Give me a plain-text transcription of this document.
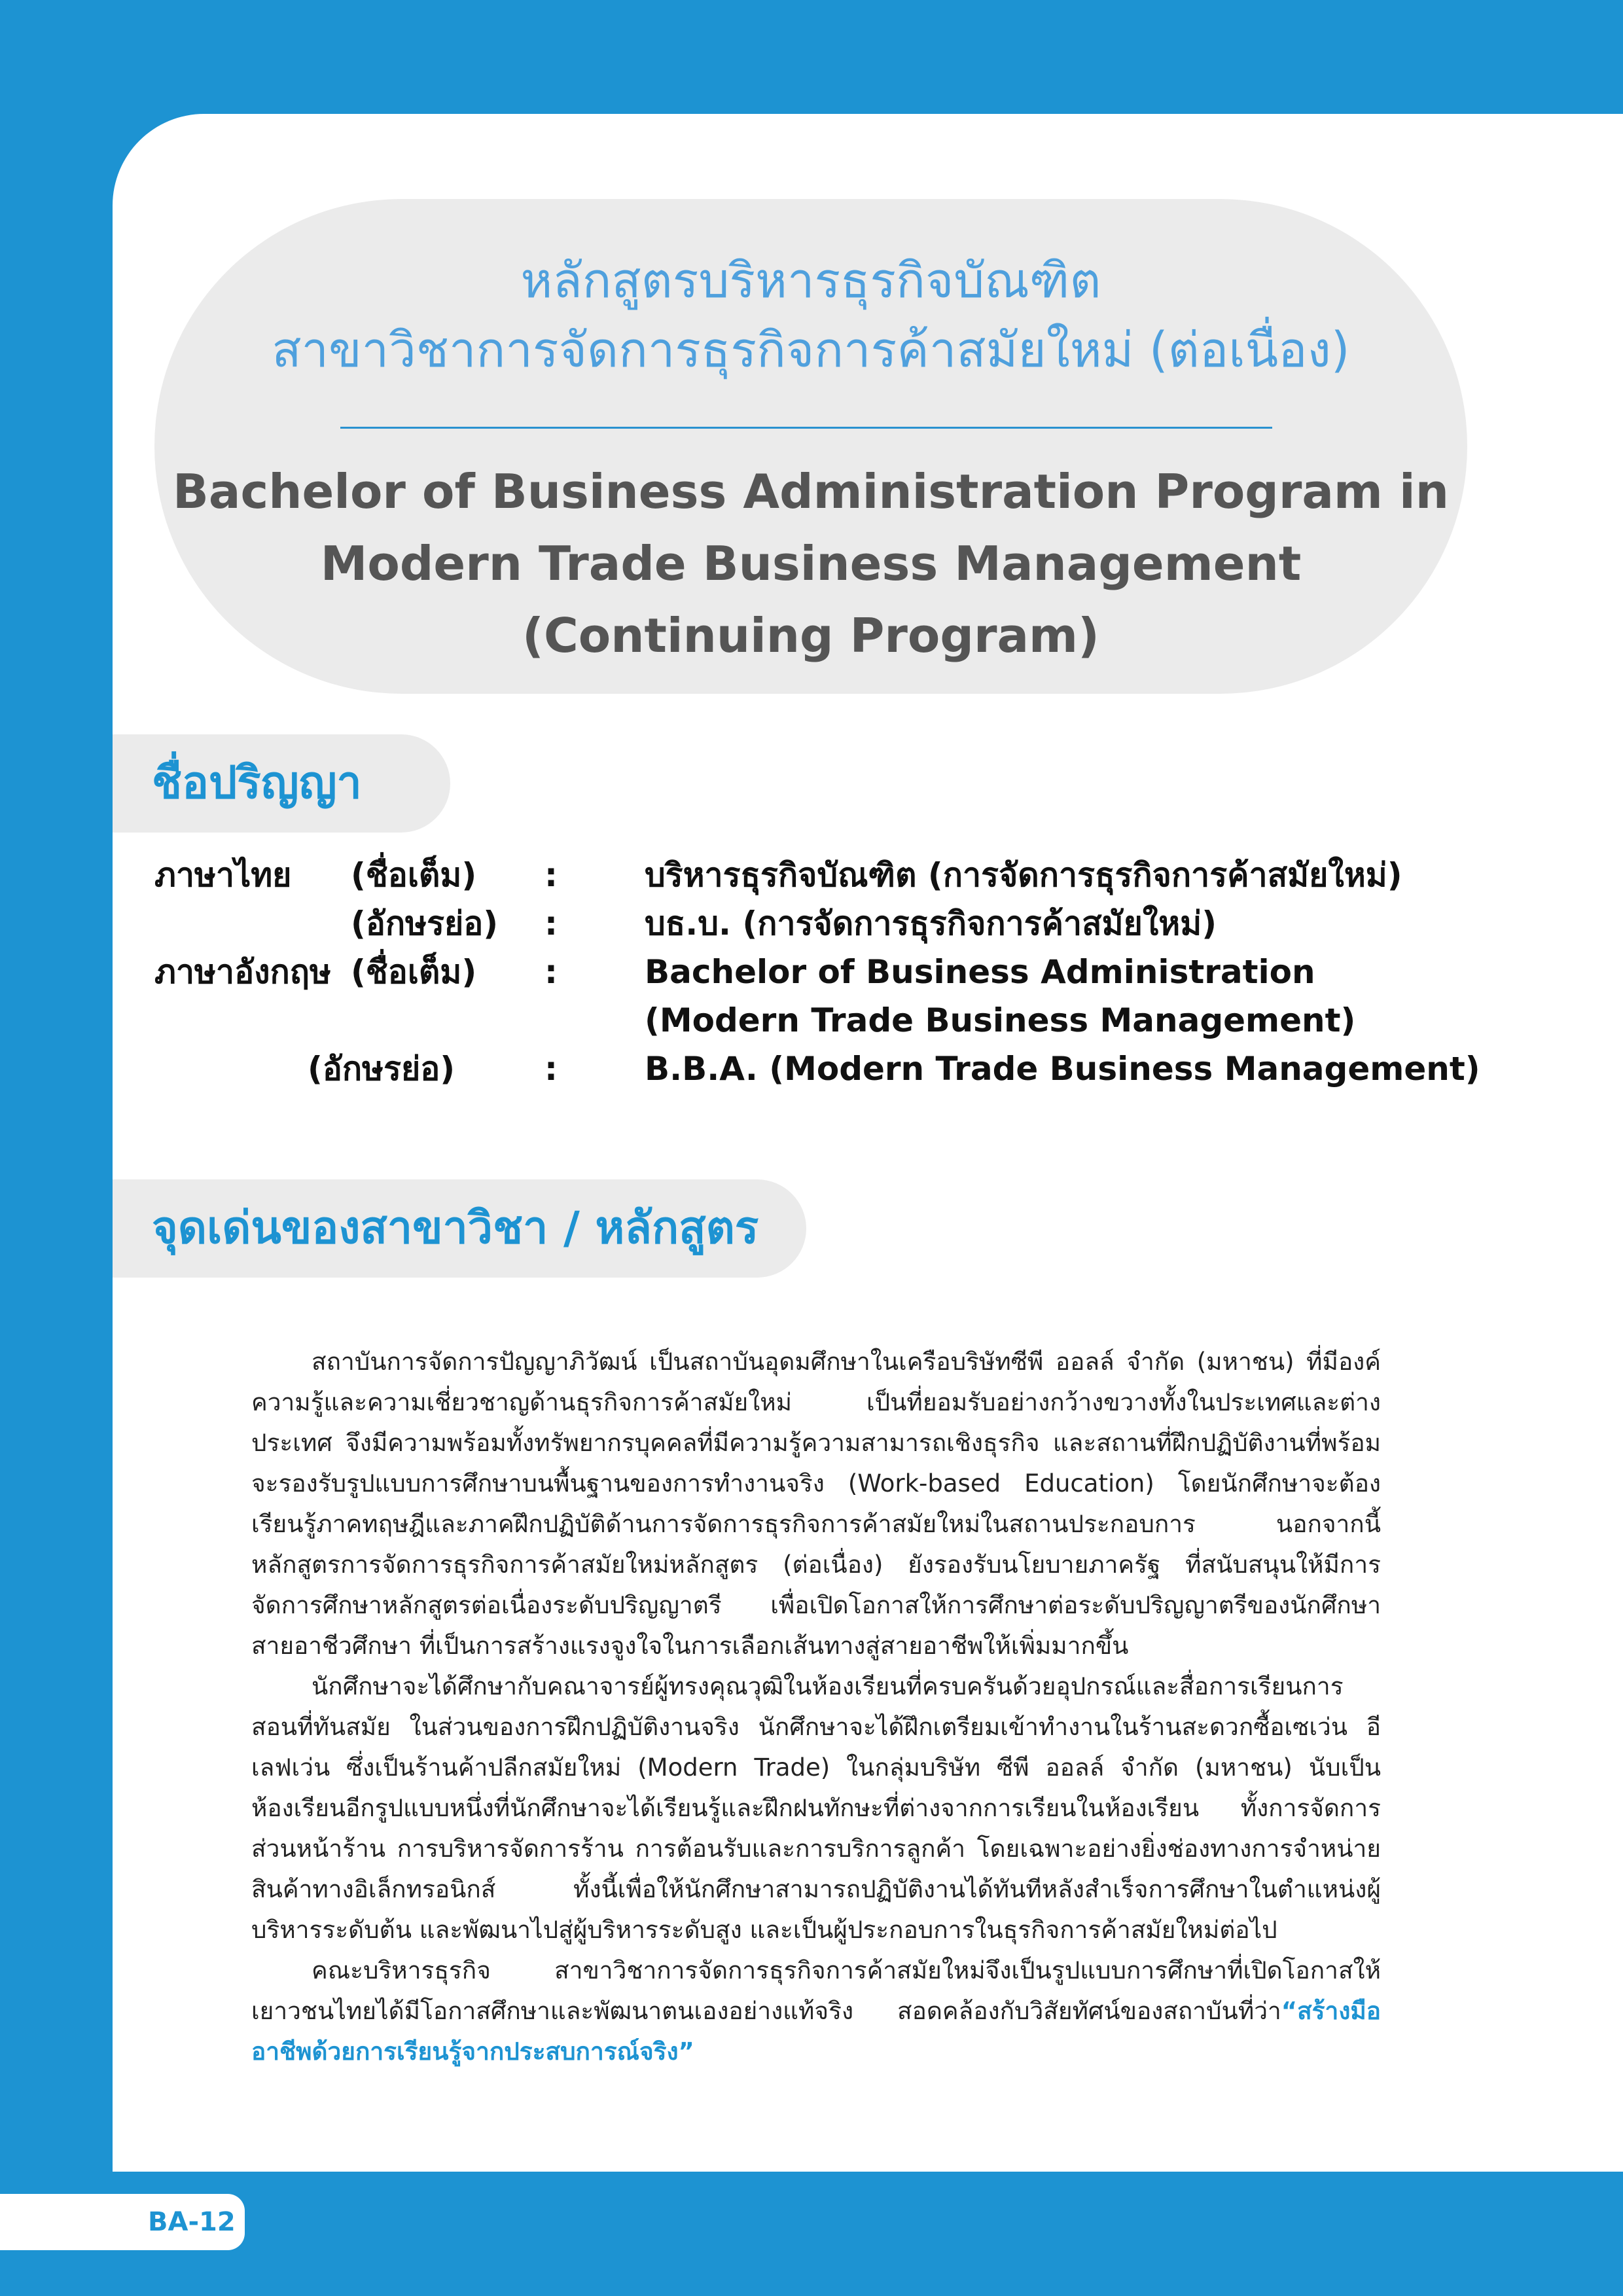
หลักสูตรบริหารธุรกิจบัณฑิต
สาขาวิชาการจัดการธุรกิจการค้าสมัยใหม่ (ต่อเนื่อง)
Bachelor of Business Administration Program in
Modern Trade Business Management
(Continuing Program)
ชื่อปริญญา
ภาษาไทย (ชื่อเต็ม) :	บริหารธุรกิจบัณฑิต (การจัดการธุรกิจการค้าสมัยใหม่)
(อักษรย่อ) :	บธ.บ. (การจัดการธุรกิจการค้าสมัยใหม่)
ภาษาอังกฤษ (ชื่อเต็ม) :	Bachelor of Business Administration
(Modern Trade Business Management)
(อักษรย่อ)	:	B.B.A. (Modern Trade Business Management)
จุดเด่นของสาขาวิชา / หลักสูตร

สถาบันการจัดการปัญญาภิวัฒน์ เป็นสถาบันอุดมศึกษาในเครือบริษัทซีพี ออลล์ จำกัด (มหาชน) ที่มีองค์ความรู้และความเชี่ยวชาญด้านธุรกิจการค้าสมัยใหม่ เป็นที่ยอมรับอย่างกว้างขวางทั้งในประเทศและต่างประเทศ จึงมีความพร้อมทั้งทรัพยากรบุคคลที่มีความรู้ความสามารถเชิงธุรกิจ และสถานที่ฝึกปฏิบัติงานที่พร้อมจะรองรับรูปแบบการศึกษาบนพื้นฐานของการทำงานจริง (Work-based Education) โดยนักศึกษาจะต้องเรียนรู้ภาคทฤษฎีและภาคฝึกปฏิบัติด้านการจัดการธุรกิจการค้าสมัยใหม่ในสถานประกอบการ นอกจากนี้หลักสูตรการจัดการธุรกิจการค้าสมัยใหม่หลักสูตร (ต่อเนื่อง) ยังรองรับนโยบายภาครัฐ ที่สนับสนุนให้มีการจัดการศึกษาหลักสูตรต่อเนื่องระดับปริญญาตรี เพื่อเปิดโอกาสให้การศึกษาต่อระดับปริญญาตรีของนักศึกษาสายอาชีวศึกษา ที่เป็นการสร้างแรงจูงใจในการเลือกเส้นทางสู่สายอาชีพให้เพิ่มมากขึ้น

นักศึกษาจะได้ศึกษากับคณาจารย์ผู้ทรงคุณวุฒิในห้องเรียนที่ครบครันด้วยอุปกรณ์และสื่อการเรียนการสอนที่ทันสมัย ในส่วนของการฝึกปฏิบัติงานจริง นักศึกษาจะได้ฝึกเตรียมเข้าทำงานในร้านสะดวกซื้อเซเว่น อีเลฟเว่น ซึ่งเป็นร้านค้าปลีกสมัยใหม่ (Modern Trade) ในกลุ่มบริษัท ซีพี ออลล์ จำกัด (มหาชน) นับเป็นห้องเรียนอีกรูปแบบหนึ่งที่นักศึกษาจะได้เรียนรู้และฝึกฝนทักษะที่ต่างจากการเรียนในห้องเรียน ทั้งการจัดการส่วนหน้าร้าน การบริหารจัดการร้าน การต้อนรับและการบริการลูกค้า โดยเฉพาะอย่างยิ่งช่องทางการจำหน่ายสินค้าทางอิเล็กทรอนิกส์ ทั้งนี้เพื่อให้นักศึกษาสามารถปฏิบัติงานได้ทันทีหลังสำเร็จการศึกษาในตำแหน่งผู้บริหารระดับต้น และพัฒนาไปสู่ผู้บริหารระดับสูง และเป็นผู้ประกอบการในธุรกิจการค้าสมัยใหม่ต่อไป

คณะบริหารธุรกิจ สาขาวิชาการจัดการธุรกิจการค้าสมัยใหม่จึงเป็นรูปแบบการศึกษาที่เปิดโอกาสให้เยาวชนไทยได้มีโอกาสศึกษาและพัฒนาตนเองอย่างแท้จริง สอดคล้องกับวิสัยทัศน์ของสถาบันที่ว่า“สร้างมืออาชีพด้วยการเรียนรู้จากประสบการณ์จริง”

BA-12
